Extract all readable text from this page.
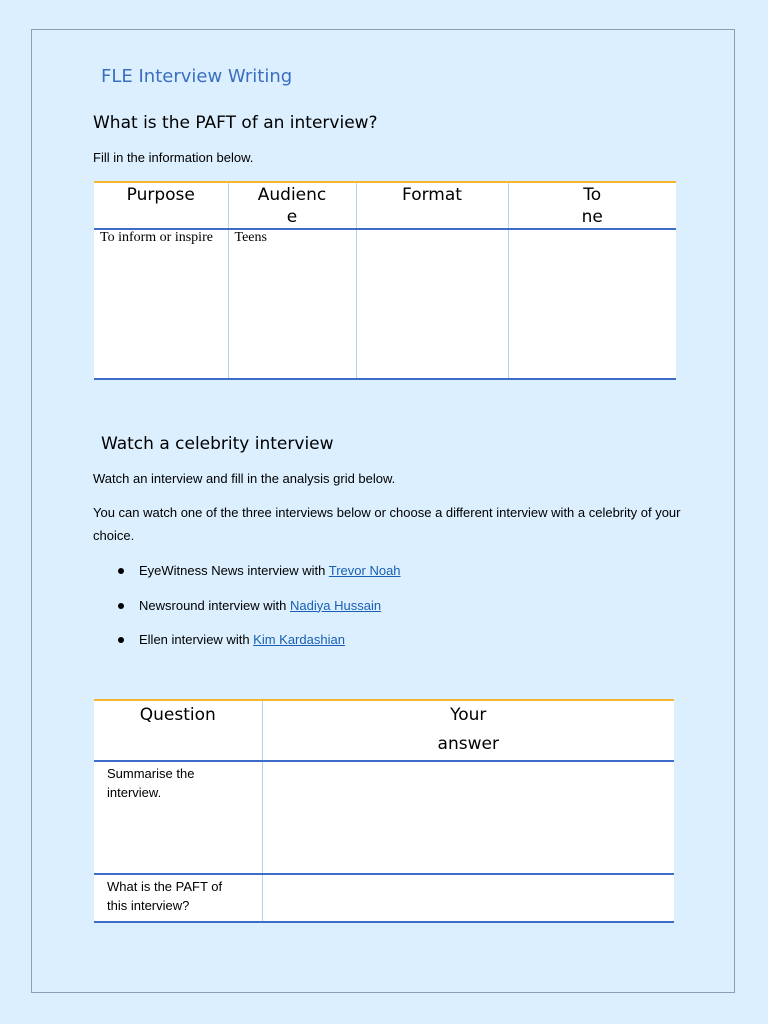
FLE Interview Writing
What is the PAFT of an interview?
Fill in the information below.
Purpose	Audienc e	Format	To ne
To inform or inspire	Teens		
Watch a celebrity interview
Watch an interview and fill in the analysis grid below.
You can watch one of the three interviews below or choose a different interview with a celebrity of your choice.
EyeWitness News interview with Trevor Noah
Newsround interview with Nadiya Hussain
Ellen interview with Kim Kardashian
Question	Your answer
Summarise the interview.	
What is the PAFT of this interview?	
